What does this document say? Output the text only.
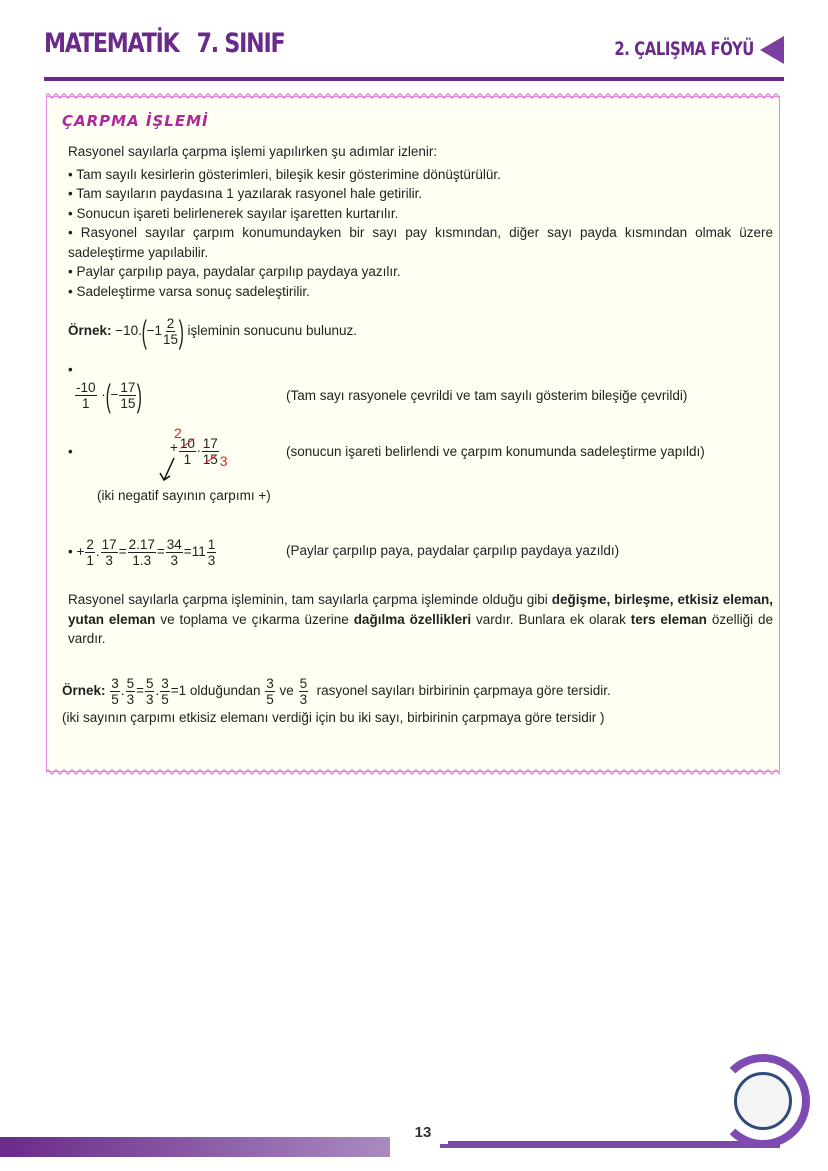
MATEMATİK 7. SINIF	2. ÇALIŞMA FÖYÜ
ÇARPMA İŞLEMİ
Rasyonel sayılarla çarpma işlemi yapılırken şu adımlar izlenir:
• Tam sayılı kesirlerin gösterimleri, bileşik kesir gösterimine dönüştürülür.
• Tam sayıların paydasına 1 yazılarak rasyonel hale getirilir.
• Sonucun işareti belirlenerek sayılar işaretten kurtarılır.
• Rasyonel sayılar çarpım konumundayken bir sayı pay kısmından, diğer sayı payda kısmından olmak üzere sadeleştirme yapılabilir.
• Paylar çarpılıp paya, paydalar çarpılıp paydaya yazılır.
• Sadeleştirme varsa sonuç sadeleştirilir.
Örnek: $-10.(-1 \frac{2}{15}$ ) işleminin sonucunu bulunuz.
•
$\frac{-10}{1}$ ·(− $\frac{17}{15}$ )	(Tam sayı rasyonele çevrildi ve tam sayılı gösterim bileşiğe çevrildi)
•
2
+ $\frac{10}{1}$ . $\frac{17}{15} 3$
(iki negatif sayının çarpımı +)
(sonucun işareti belirlendi ve çarpım konumunda sadeleştirme yapıldı)
• + $\frac{2}{1}$ . $\frac{17}{3} = \frac{2.17}{1.3} = \frac{34}{3} =11 \frac{1}{3}$	(Paylar çarpılıp paya, paydalar çarpılıp paydaya yazıldı)
Rasyonel sayılarla çarpma işleminin, tam sayılarla çarpma işleminde olduğu gibi değişme, birleşme, etkisiz eleman, yutan eleman ve toplama ve çıkarma üzerine dağılma özellikleri vardır. Bunlara ek olarak ters eleman özelliği de vardır.
Örnek: $\frac{3}{5}$ . $\frac{5}{3} = \frac{5}{3}$ . $\frac{3}{5} =1$ olduğundan $\frac{3}{5}$ ve $\frac{5}{3}$ rasyonel sayıları birbirinin çarpmaya göre tersidir.
(iki sayının çarpımı etkisiz elemanı verdiği için bu iki sayı, birbirinin çarpmaya göre tersidir )
13
